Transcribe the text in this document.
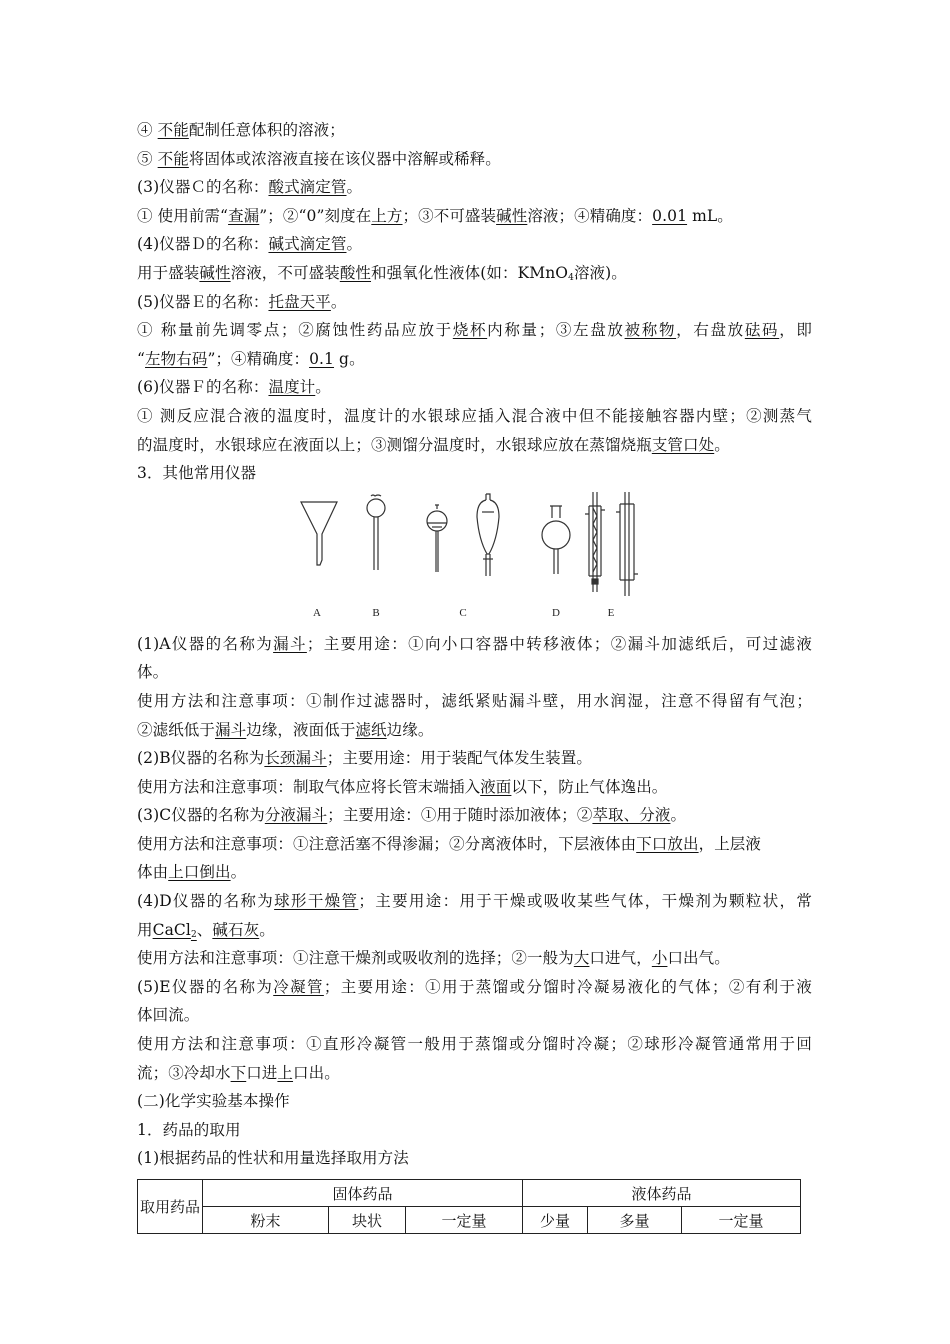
④ 不能配制任意体积的溶液；
⑤ 不能将固体或浓溶液直接在该仪器中溶解或稀释。
(3)仪器Ｃ的名称：酸式滴定管。
① 使用前需“查漏”；②“0”刻度在上方；③不可盛装碱性溶液；④精确度：0.01 mL。
(4)仪器Ｄ的名称：碱式滴定管。
用于盛装碱性溶液，不可盛装酸性和强氧化性液体(如：KMnO$_4$溶液)。
(5)仪器Ｅ的名称：托盘天平。
① 称量前先调零点；②腐蚀性药品应放于烧杯内称量；③左盘放被称物，右盘放砝码，即
“左物右码”；④精确度：0.1 g。
(6)仪器Ｆ的名称：温度计。
① 测反应混合液的温度时，温度计的水银球应插入混合液中但不能接触容器内壁；②测蒸气
的温度时，水银球应在液面以上；③测馏分温度时，水银球应放在蒸馏烧瓶支管口处。
3．其他常用仪器
A	B	C	D	E
(1)A仪器的名称为漏斗；主要用途：①向小口容器中转移液体；②漏斗加滤纸后，可过滤液
体。
使用方法和注意事项：①制作过滤器时，滤纸紧贴漏斗壁，用水润湿，注意不得留有气泡；
②滤纸低于漏斗边缘，液面低于滤纸边缘。
(2)B仪器的名称为长颈漏斗；主要用途：用于装配气体发生装置。
使用方法和注意事项：制取气体应将长管末端插入液面以下，防止气体逸出。
(3)C仪器的名称为分液漏斗；主要用途：①用于随时添加液体；②萃取、分液。
使用方法和注意事项：①注意活塞不得渗漏；②分离液体时，下层液体由下口放出，上层液
体由上口倒出。
(4)D仪器的名称为球形干燥管；主要用途：用于干燥或吸收某些气体，干燥剂为颗粒状，常
用CaCl$_2$、碱石灰。
使用方法和注意事项：①注意干燥剂或吸收剂的选择；②一般为大口进气，小口出气。
(5)E仪器的名称为冷凝管；主要用途：①用于蒸馏或分馏时冷凝易液化的气体；②有利于液
体回流。
使用方法和注意事项：①直形冷凝管一般用于蒸馏或分馏时冷凝；②球形冷凝管通常用于回
流；③冷却水下口进上口出。
(二)化学实验基本操作
1．药品的取用
(1)根据药品的性状和用量选择取用方法
取用药品	固体药品			液体药品		
	粉末	块状	一定量	少量	多量	一定量
